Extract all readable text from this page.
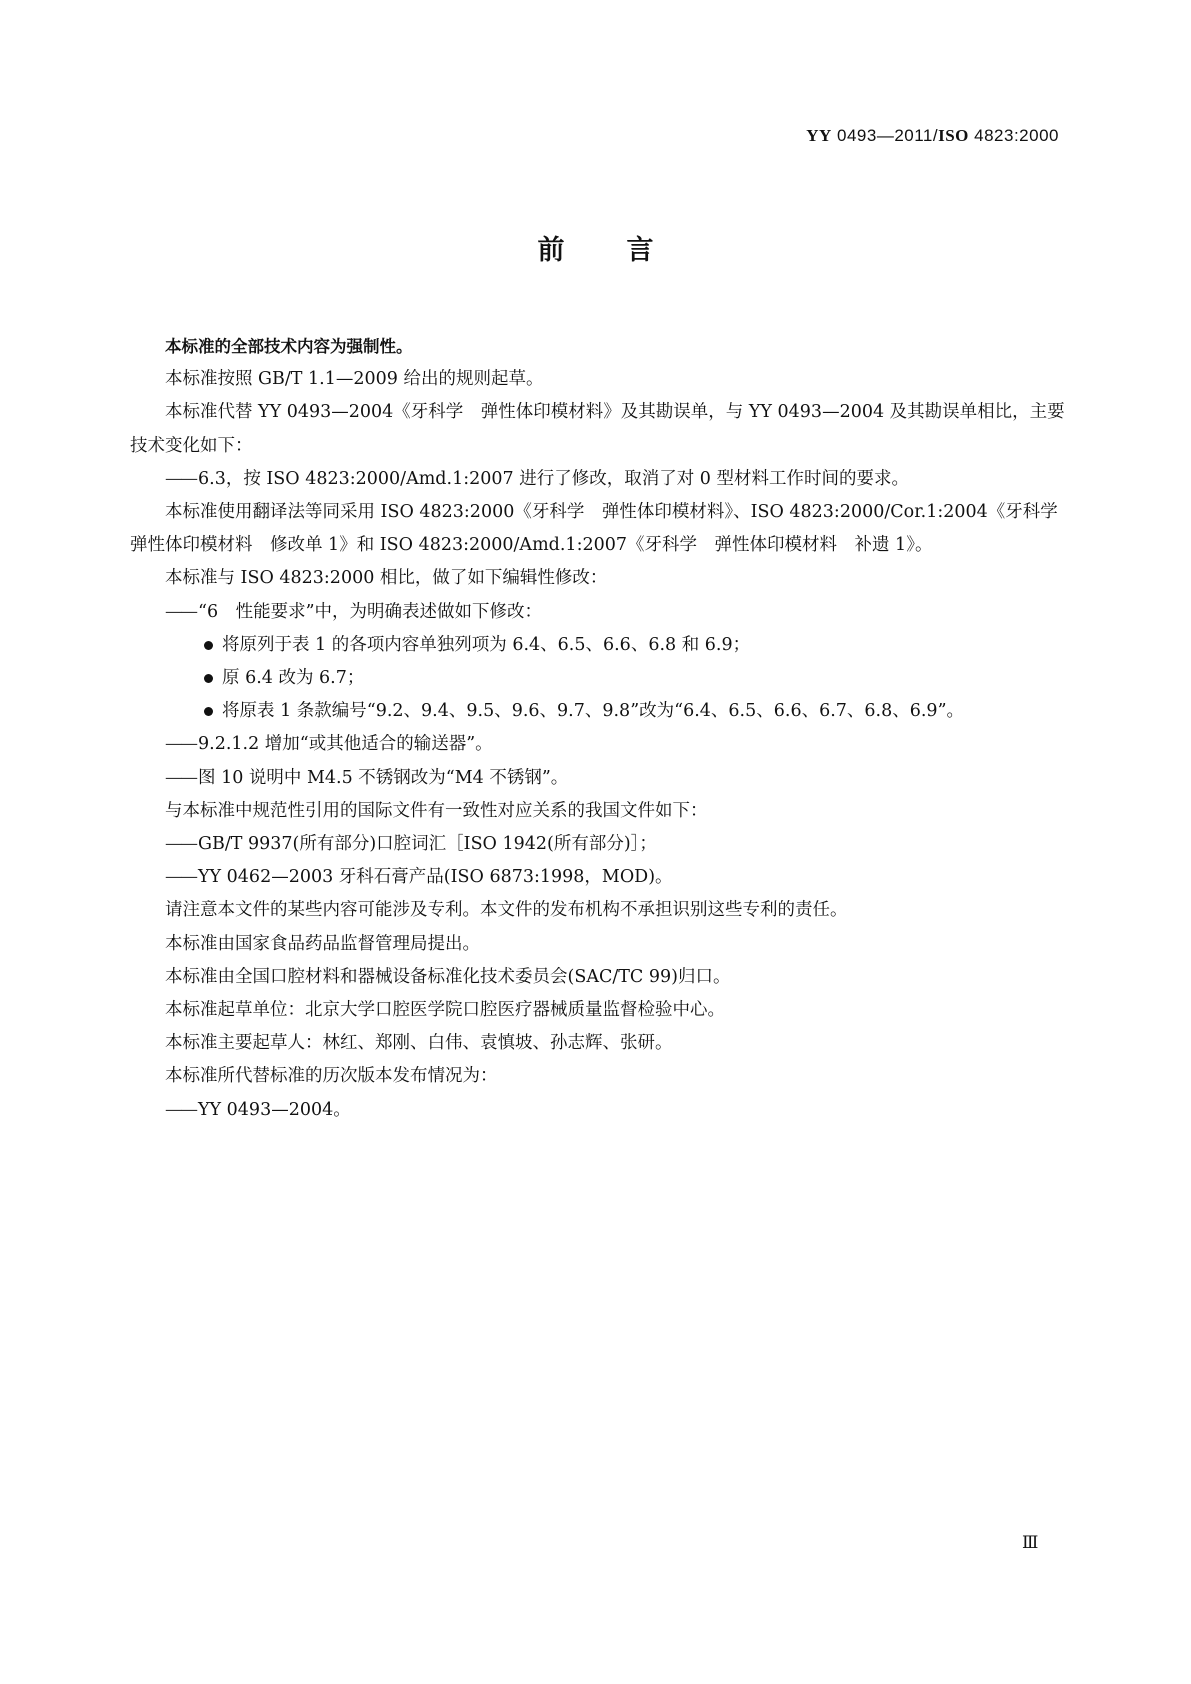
YY 0493—2011/ISO 4823:2000
前 言

本标准的全部技术内容为强制性。

本标准按照 GB/T 1.1—2009 给出的规则起草。

本标准代替 YY 0493—2004《牙科学　弹性体印模材料》及其勘误单，与 YY 0493—2004 及其勘误单相比，主要技术变化如下：

—— 6.3，按 ISO 4823:2000/Amd.1:2007 进行了修改，取消了对 0 型材料工作时间的要求。

本标准使用翻译法等同采用 ISO 4823:2000《牙科学　弹性体印模材料》、ISO 4823:2000/Cor.1:2004《牙科学　弹性体印模材料　修改单 1》和 ISO 4823:2000/Amd.1:2007《牙科学　弹性体印模材料　补遗 1》。

本标准与 ISO 4823:2000 相比，做了如下编辑性修改：

—— “6　性能要求”中，为明确表述做如下修改：

将原列于表 1 的各项内容单独列项为 6.4、6.5、6.6、6.8 和 6.9；

原 6.4 改为 6.7；

将原表 1 条款编号“9.2、9.4、9.5、9.6、9.7、9.8”改为“6.4、6.5、6.6、6.7、6.8、6.9”。

—— 9.2.1.2 增加“或其他适合的输送器”。

—— 图 10 说明中 M4.5 不锈钢改为“M4 不锈钢”。

与本标准中规范性引用的国际文件有一致性对应关系的我国文件如下：

—— GB/T 9937(所有部分)口腔词汇［ISO 1942(所有部分)］；

—— YY 0462—2003 牙科石膏产品(ISO 6873:1998，MOD)。

请注意本文件的某些内容可能涉及专利。本文件的发布机构不承担识别这些专利的责任。

本标准由国家食品药品监督管理局提出。

本标准由全国口腔材料和器械设备标准化技术委员会(SAC/TC 99)归口。

本标准起草单位：北京大学口腔医学院口腔医疗器械质量监督检验中心。

本标准主要起草人：林红、郑刚、白伟、袁慎坡、孙志辉、张研。

本标准所代替标准的历次版本发布情况为：

—— YY 0493—2004。

Ⅲ
